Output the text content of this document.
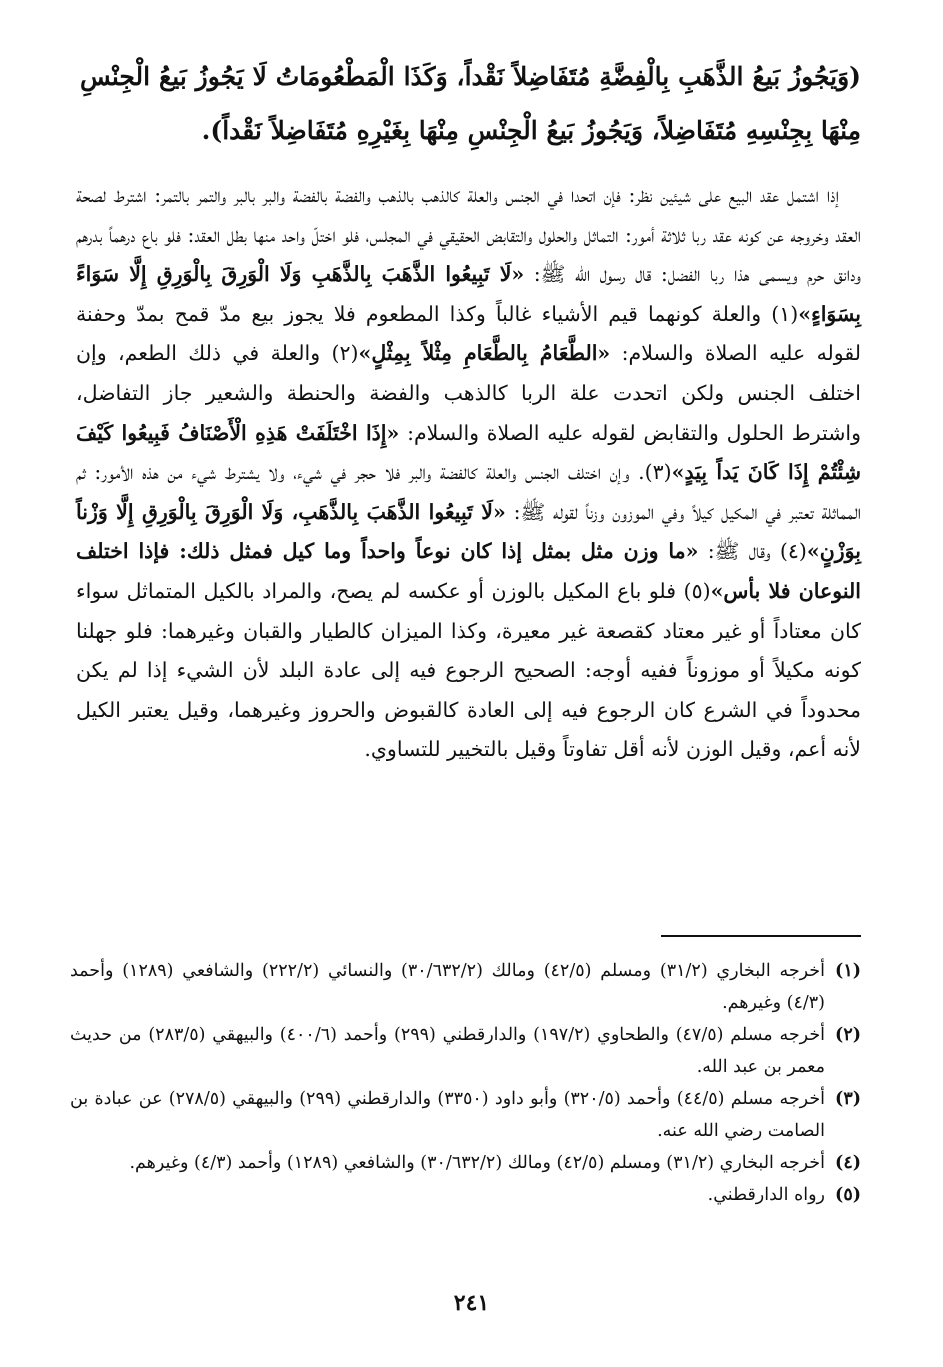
(وَيَجُوزُ بَيعُ الذَّهَبِ بِالْفِضَّةِ مُتَفَاضِلاً نَقْداً، وَكَذَا الْمَطْعُومَاتُ لَا يَجُوزُ بَيعُ الْجِنْسِ مِنْهَا بِجِنْسِهِ مُتَفَاضِلاً، وَيَجُوزُ بَيعُ الْجِنْسِ مِنْهَا بِغَيْرِهِ مُتَفَاضِلاً نَقْداً).

إذا اشتمل عقد البيع على شيئين نظر: فإن اتحدا في الجنس والعلة كالذهب بالذهب والفضة بالفضة والبر بالبر والتمر بالتمر: اشترط لصحة العقد وخروجه عن كونه عقد ربا ثلاثة أمور: التماثل والحلول والتقابض الحقيقي في المجلس، فلو اختلّ واحد منها بطل العقد: فلو باع درهماً بدرهم ودانق حرم ويسمى هذا ربا الفضل: قال رسول الله ﷺ: «لَا تَبِيعُوا الذَّهَبَ بِالذَّهَبِ وَلَا الْوَرِقَ بِالْوَرِقِ إِلَّا سَوَاءً بِسَوَاءٍ»(١) والعلة كونهما قيم الأشياء غالباً وكذا المطعوم فلا يجوز بيع مدّ قمح بمدّ وحفنة لقوله عليه الصلاة والسلام: «الطَّعَامُ بِالطَّعَامِ مِثْلاً بِمِثْلٍ»(٢) والعلة في ذلك الطعم، وإن اختلف الجنس ولكن اتحدت علة الربا كالذهب والفضة والحنطة والشعير جاز التفاضل، واشترط الحلول والتقابض لقوله عليه الصلاة والسلام: «إِذَا اخْتَلَفَتْ هَذِهِ الْأَصْنَافُ فَبِيعُوا كَيْفَ شِئْتُمْ إِذَا كَانَ يَداً بِيَدٍ»(٣). وإن اختلف الجنس والعلة كالفضة والبر فلا حجر في شيء، ولا يشترط شيء من هذه الأمور: ثم المماثلة تعتبر في المكيل كيلاً وفي الموزون وزناً لقوله ﷺ: «لَا تَبِيعُوا الذَّهَبَ بِالذَّهَبِ، وَلَا الْوَرِقَ بِالْوَرِقِ إِلَّا وَزْناً بِوَزْنٍ»(٤) وقال ﷺ: «ما وزن مثل بمثل إذا كان نوعاً واحداً وما كيل فمثل ذلك: فإذا اختلف النوعان فلا بأس»(٥) فلو باع المكيل بالوزن أو عكسه لم يصح، والمراد بالكيل المتماثل سواء كان معتاداً أو غير معتاد كقصعة غير معيرة، وكذا الميزان كالطيار والقبان وغيرهما: فلو جهلنا كونه مكيلاً أو موزوناً ففيه أوجه: الصحيح الرجوع فيه إلى عادة البلد لأن الشيء إذا لم يكن محدوداً في الشرع كان الرجوع فيه إلى العادة كالقبوض والحروز وغيرهما، وقيل يعتبر الكيل لأنه أعم، وقيل الوزن لأنه أقل تفاوتاً وقيل بالتخيير للتساوي.

(١)
أخرجه البخاري (٣١/٢) ومسلم (٤٢/٥) ومالك (٣٠/٦٣٢/٢) والنسائي (٢٢٢/٢) والشافعي (١٢٨٩) وأحمد (٤/٣) وغيرهم.
(٢)
أخرجه مسلم (٤٧/٥) والطحاوي (١٩٧/٢) والدارقطني (٢٩٩) وأحمد (٤٠٠/٦) والبيهقي (٢٨٣/٥) من حديث معمر بن عبد الله.
(٣)
أخرجه مسلم (٤٤/٥) وأحمد (٣٢٠/٥) وأبو داود (٣٣٥٠) والدارقطني (٢٩٩) والبيهقي (٢٧٨/٥) عن عبادة بن الصامت رضي الله عنه.
(٤)
أخرجه البخاري (٣١/٢) ومسلم (٤٢/٥) ومالك (٣٠/٦٣٢/٢) والشافعي (١٢٨٩) وأحمد (٤/٣) وغيرهم.
(٥)
رواه الدارقطني.
٢٤١
